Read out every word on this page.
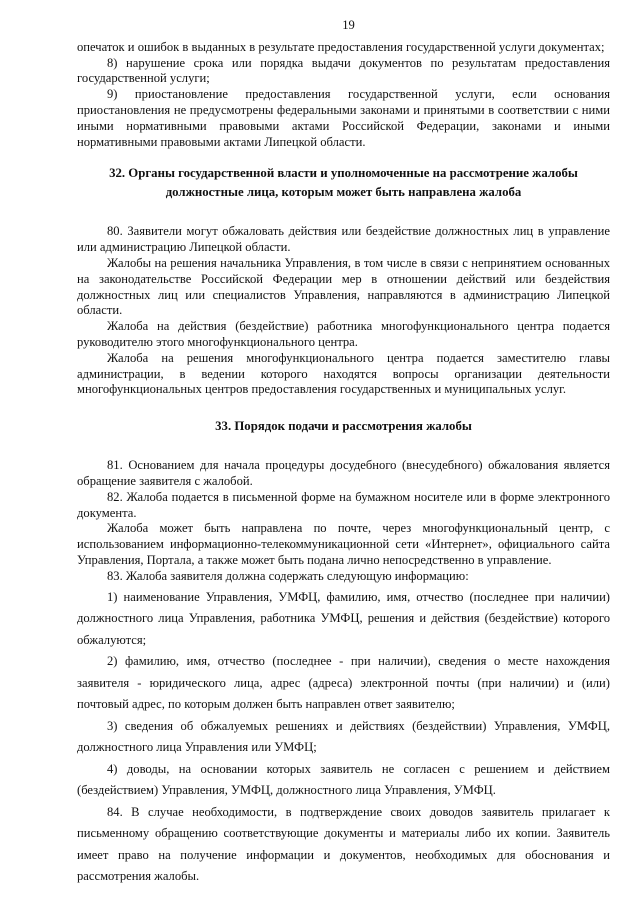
19

опечаток и ошибок в выданных в результате предоставления государственной услуги документах;

8) нарушение срока или порядка выдачи документов по результатам предоставления государственной услуги;

9) приостановление предоставления государственной услуги, если основания приостановления не предусмотрены федеральными законами и принятыми в соответствии с ними иными нормативными правовыми актами Российской Федерации, законами и иными нормативными правовыми актами Липецкой области.

32. Органы государственной власти и уполномоченные на рассмотрение жалобы должностные лица, которым может быть направлена жалоба

80. Заявители могут обжаловать действия или бездействие должностных лиц в управление или администрацию Липецкой области.

Жалобы на решения начальника Управления, в том числе в связи с непринятием основанных на законодательстве Российской Федерации мер в отношении действий или бездействия должностных лиц или специалистов Управления, направляются в администрацию Липецкой области.

Жалоба на действия (бездействие) работника многофункционального центра подается руководителю этого многофункционального центра.

Жалоба на решения многофункционального центра подается заместителю главы администрации, в ведении которого находятся вопросы организации деятельности многофункциональных центров предоставления государственных и муниципальных услуг.

33. Порядок подачи и рассмотрения жалобы

81. Основанием для начала процедуры досудебного (внесудебного) обжалования является обращение заявителя с жалобой.

82. Жалоба подается в письменной форме на бумажном носителе или в форме электронного документа.

Жалоба может быть направлена по почте, через многофункциональный центр, с использованием информационно-телекоммуникационной сети «Интернет», официального сайта Управления, Портала, а также может быть подана лично непосредственно в управление.

83. Жалоба заявителя должна содержать следующую информацию:

1) наименование Управления, УМФЦ, фамилию, имя, отчество (последнее при наличии) должностного лица Управления, работника УМФЦ, решения и действия (бездействие) которого обжалуются;

2) фамилию, имя, отчество (последнее - при наличии), сведения о месте нахождения заявителя - юридического лица, адрес (адреса) электронной почты (при наличии) и (или) почтовый адрес, по которым должен быть направлен ответ заявителю;

3) сведения об обжалуемых решениях и действиях (бездействии) Управления, УМФЦ, должностного лица Управления или УМФЦ;

4) доводы, на основании которых заявитель не согласен с решением и действием (бездействием) Управления, УМФЦ, должностного лица Управления, УМФЦ.

84. В случае необходимости, в подтверждение своих доводов заявитель прилагает к письменному обращению соответствующие документы и материалы либо их копии. Заявитель имеет право на получение информации и документов, необходимых для обоснования и рассмотрения жалобы.
